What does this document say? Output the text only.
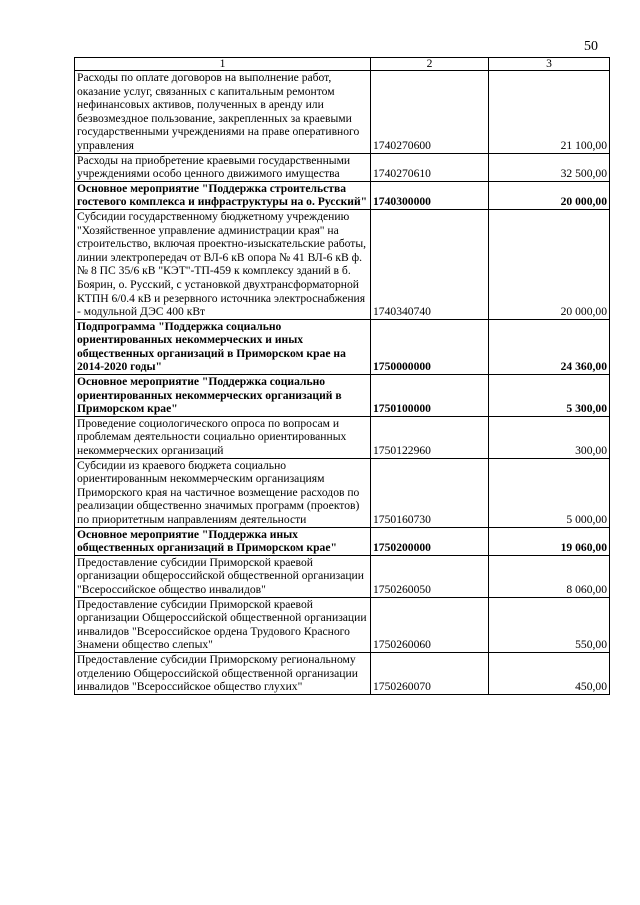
50
1	2	3
Расходы по оплате договоров на выполнение работ, оказание услуг, связанных с капитальным ремонтом нефинансовых активов, полученных в аренду или безвозмездное пользование, закрепленных за краевыми государственными учреждениями на праве оперативного управления	1740270600	21 100,00
Расходы на приобретение краевыми государственными учреждениями особо ценного движимого имущества	1740270610	32 500,00
Основное мероприятие "Поддержка строительства гостевого комплекса и инфраструктуры на о. Русский"	1740300000	20 000,00
Субсидии государственному бюджетному учреждению "Хозяйственное управление администрации края" на строительство, включая проектно-изыскательские работы, линии электропередач от ВЛ-6 кВ опора № 41 ВЛ-6 кВ ф. № 8 ПС 35/6 кВ "КЭТ"-ТП-459 к комплексу зданий в б. Боярин, о. Русский, с установкой двухтрансформаторной КТПН 6/0.4 кВ и резервного источника электроснабжения - модульной ДЭС 400 кВт	1740340740	20 000,00
Подпрограмма "Поддержка социально ориентированных некоммерческих и иных общественных организаций в Приморском крае на 2014-2020 годы"	1750000000	24 360,00
Основное мероприятие "Поддержка социально ориентированных некоммерческих организаций в Приморском крае"	1750100000	5 300,00
Проведение социологического опроса по вопросам и проблемам деятельности социально ориентированных некоммерческих организаций	1750122960	300,00
Субсидии из краевого бюджета социально ориентированным некоммерческим организациям Приморского края на частичное возмещение расходов по реализации общественно значимых программ (проектов) по приоритетным направлениям деятельности	1750160730	5 000,00
Основное мероприятие "Поддержка иных общественных организаций в Приморском крае"	1750200000	19 060,00
Предоставление субсидии Приморской краевой организации общероссийской общественной организации "Всероссийское общество инвалидов"	1750260050	8 060,00
Предоставление субсидии Приморской краевой организации Общероссийской общественной организации инвалидов "Всероссийское ордена Трудового Красного Знамени общество слепых"	1750260060	550,00
Предоставление субсидии Приморскому региональному отделению Общероссийской общественной организации инвалидов "Всероссийское общество глухих"	1750260070	450,00
